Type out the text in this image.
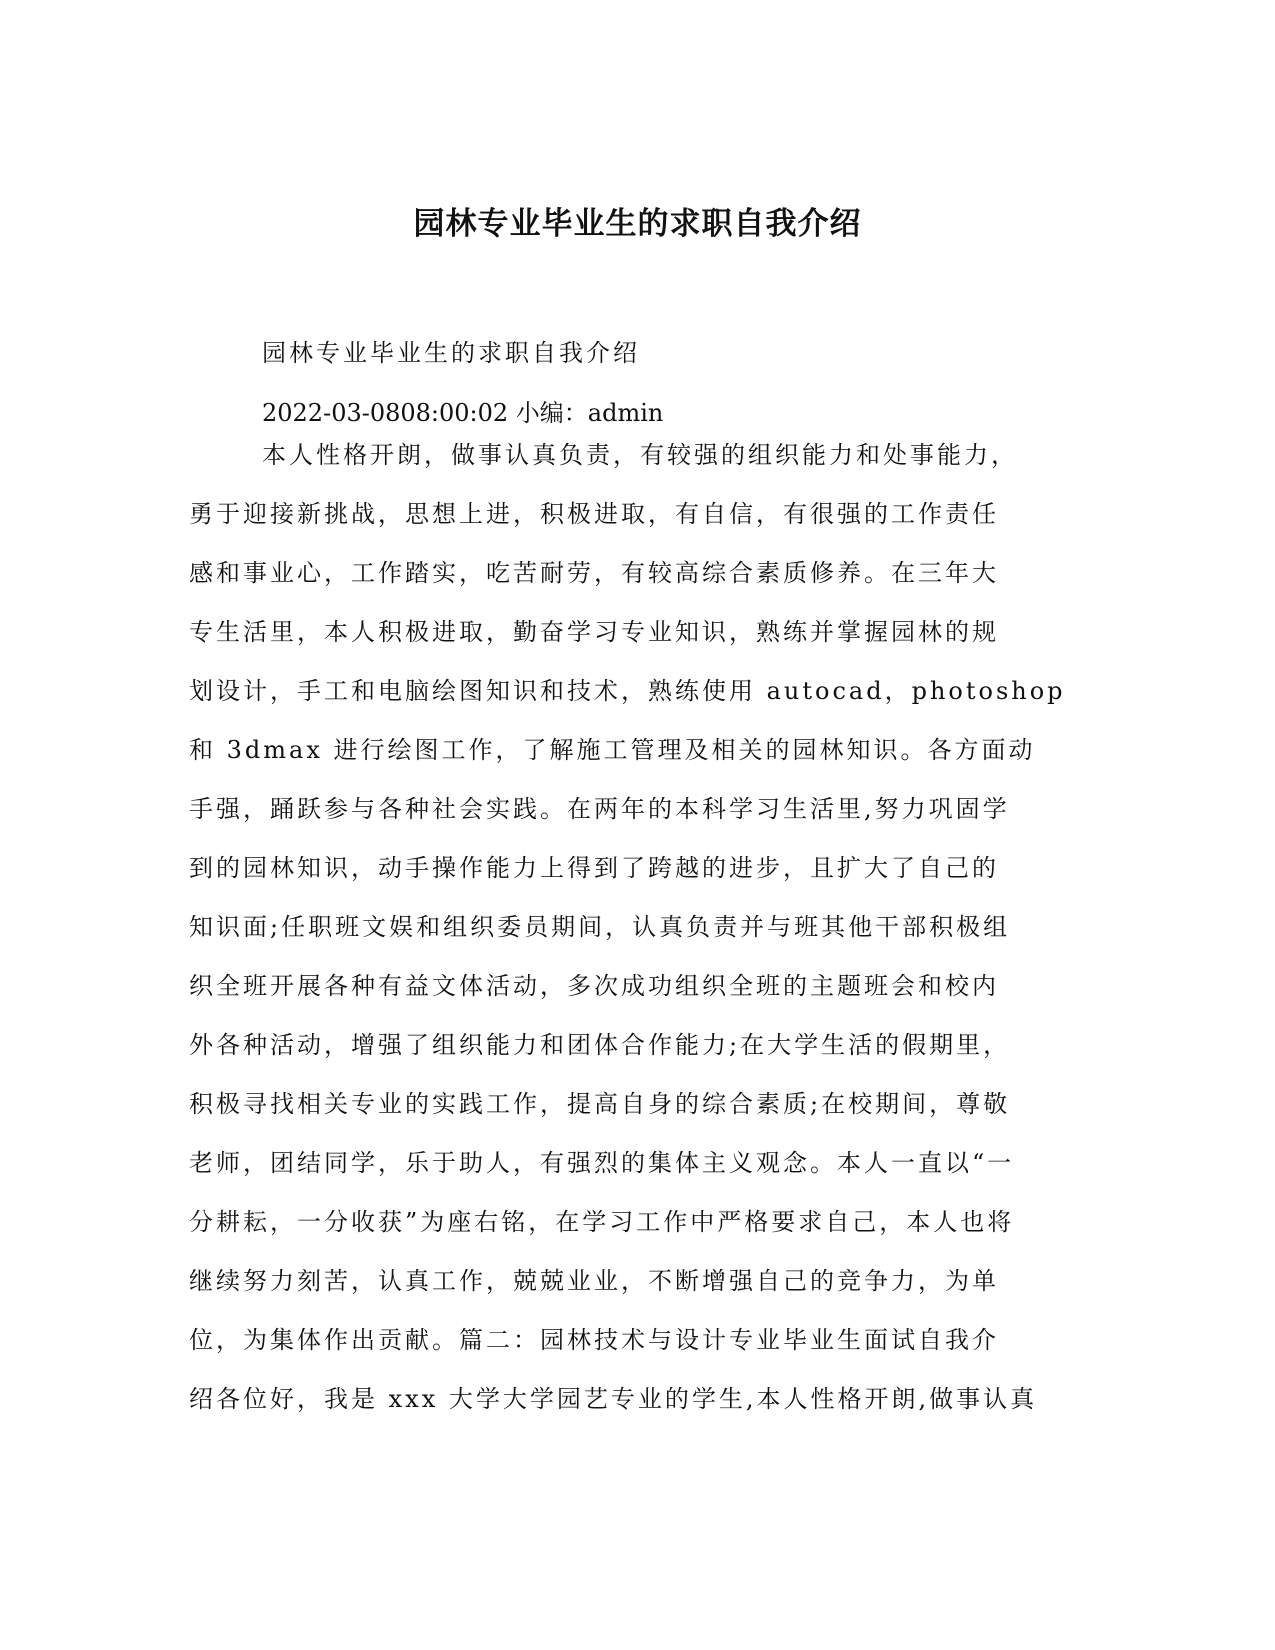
园林专业毕业生的求职自我介绍

园林专业毕业生的求职自我介绍

2022-03-0808:00:02 小编：admin

本人性格开朗，做事认真负责，有较强的组织能力和处事能力，

勇于迎接新挑战，思想上进，积极进取，有自信，有很强的工作责任

感和事业心，工作踏实，吃苦耐劳，有较高综合素质修养。在三年大

专生活里，本人积极进取，勤奋学习专业知识，熟练并掌握园林的规

划设计，手工和电脑绘图知识和技术，熟练使用 autocad，photoshop

和 3dmax 进行绘图工作，了解施工管理及相关的园林知识。各方面动

手强，踊跃参与各种社会实践。在两年的本科学习生活里,努力巩固学

到的园林知识，动手操作能力上得到了跨越的进步，且扩大了自己的

知识面;任职班文娱和组织委员期间，认真负责并与班其他干部积极组

织全班开展各种有益文体活动，多次成功组织全班的主题班会和校内

外各种活动，增强了组织能力和团体合作能力;在大学生活的假期里，

积极寻找相关专业的实践工作，提高自身的综合素质;在校期间，尊敬

老师，团结同学，乐于助人，有强烈的集体主义观念。本人一直以“一

分耕耘，一分收获”为座右铭，在学习工作中严格要求自己，本人也将

继续努力刻苦，认真工作，兢兢业业，不断增强自己的竞争力，为单

位，为集体作出贡献。篇二：园林技术与设计专业毕业生面试自我介

绍各位好，我是 xxx 大学大学园艺专业的学生,本人性格开朗,做事认真
